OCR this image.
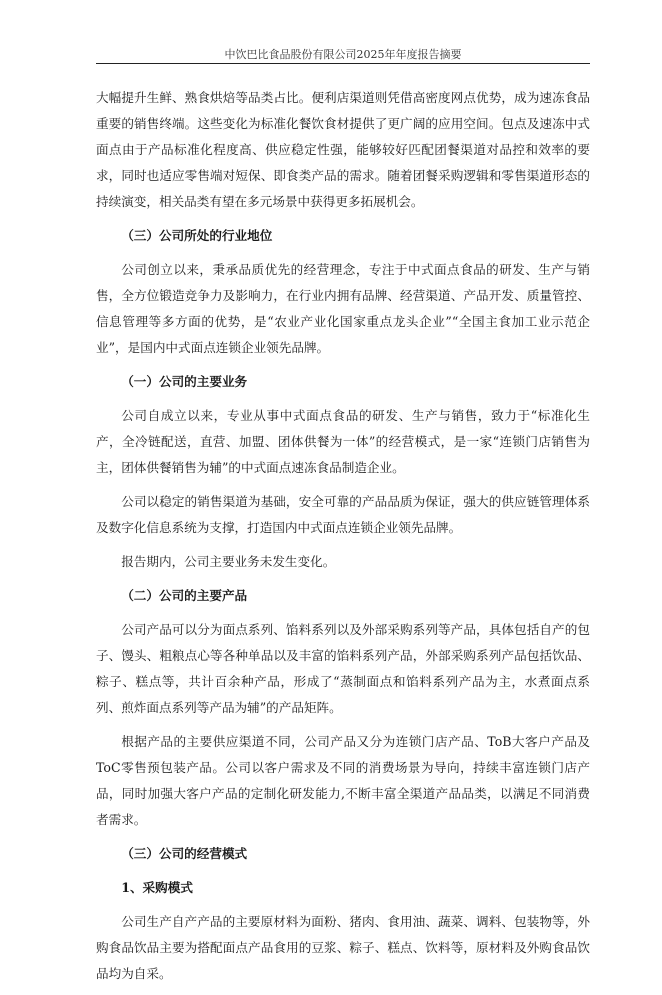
中饮巴比食品股份有限公司2025年年度报告摘要

大幅提升生鲜、熟食烘焙等品类占比。便利店渠道则凭借高密度网点优势，成为速冻食品重要的销售终端。这些变化为标准化餐饮食材提供了更广阔的应用空间。包点及速冻中式面点由于产品标准化程度高、供应稳定性强，能够较好匹配团餐渠道对品控和效率的要求，同时也适应零售端对短保、即食类产品的需求。随着团餐采购逻辑和零售渠道形态的持续演变，相关品类有望在多元场景中获得更多拓展机会。

（三）公司所处的行业地位

公司创立以来，秉承品质优先的经营理念，专注于中式面点食品的研发、生产与销售，全方位锻造竞争力及影响力，在行业内拥有品牌、经营渠道、产品开发、质量管控、信息管理等多方面的优势，是“农业产业化国家重点龙头企业”“全国主食加工业示范企业”，是国内中式面点连锁企业领先品牌。

（一）公司的主要业务

公司自成立以来，专业从事中式面点食品的研发、生产与销售，致力于“标准化生产，全冷链配送，直营、加盟、团体供餐为一体”的经营模式，是一家“连锁门店销售为主，团体供餐销售为辅”的中式面点速冻食品制造企业。

公司以稳定的销售渠道为基础，安全可靠的产品品质为保证，强大的供应链管理体系及数字化信息系统为支撑，打造国内中式面点连锁企业领先品牌。

报告期内，公司主要业务未发生变化。

（二）公司的主要产品

公司产品可以分为面点系列、馅料系列以及外部采购系列等产品，具体包括自产的包子、馒头、粗粮点心等各种单品以及丰富的馅料系列产品，外部采购系列产品包括饮品、粽子、糕点等，共计百余种产品，形成了“蒸制面点和馅料系列产品为主，水煮面点系列、煎炸面点系列等产品为辅”的产品矩阵。

根据产品的主要供应渠道不同，公司产品又分为连锁门店产品、ToB大客户产品及ToC零售预包装产品。公司以客户需求及不同的消费场景为导向，持续丰富连锁门店产品，同时加强大客户产品的定制化研发能力,不断丰富全渠道产品品类，以满足不同消费者需求。

（三）公司的经营模式
1、采购模式

公司生产自产产品的主要原材料为面粉、猪肉、食用油、蔬菜、调料、包装物等，外购食品饮品主要为搭配面点产品食用的豆浆、粽子、糕点、饮料等，原材料及外购食品饮品均为自采。
